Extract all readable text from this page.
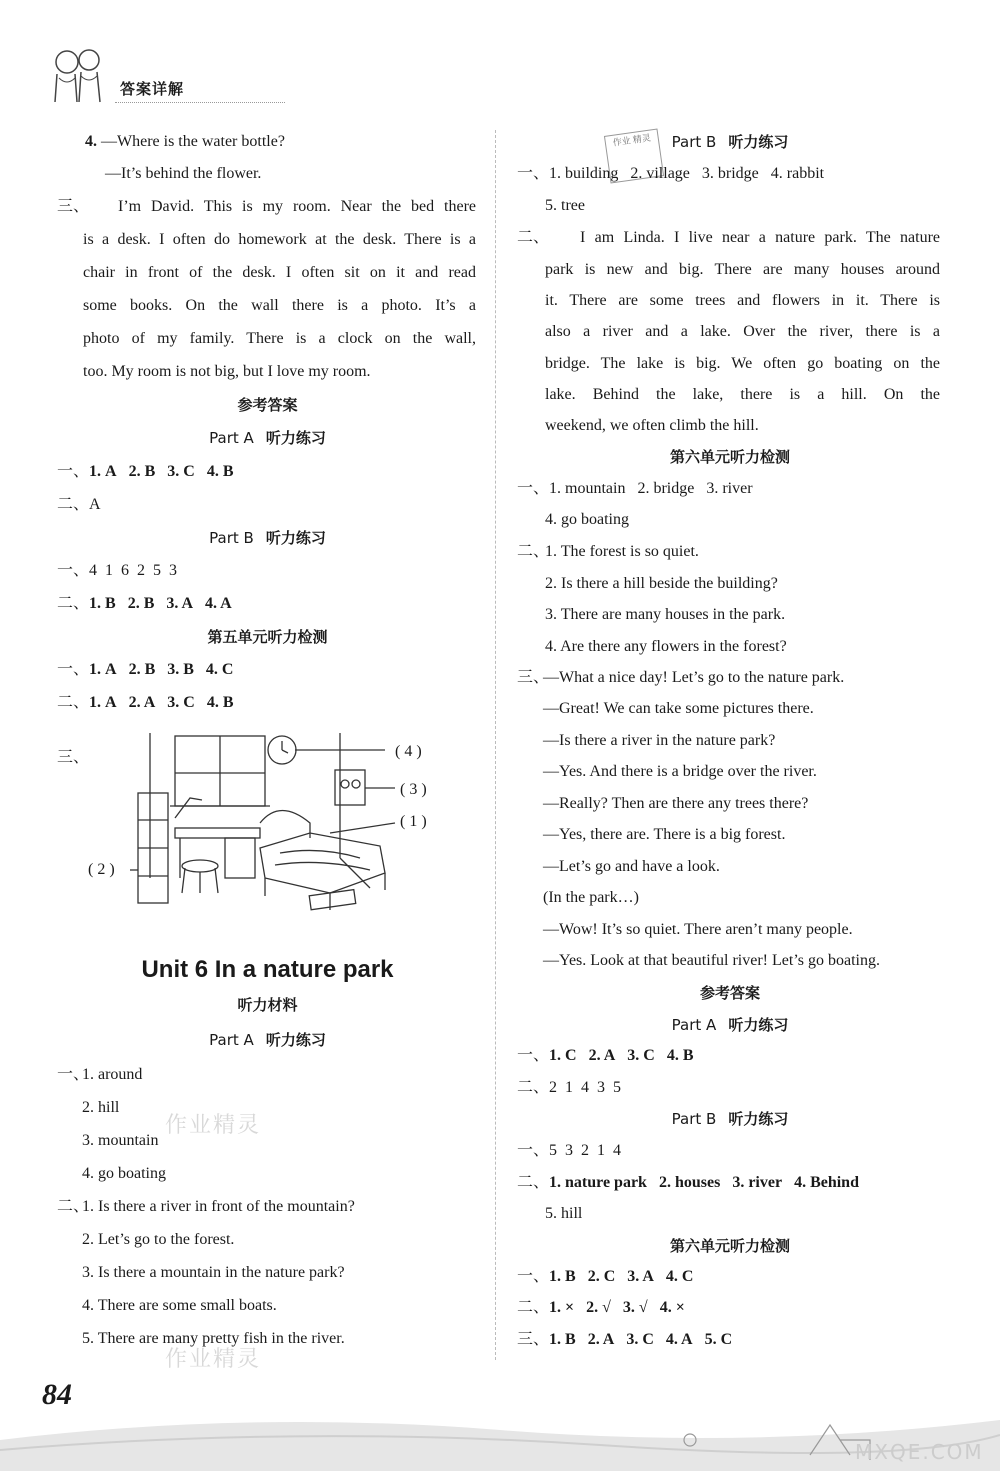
答案详解
4. —Where is the water bottle?
—It’s behind the flower.
三、 I’m David. This is my room. Near the bed there
is a desk. I often do homework at the desk. There is a
chair in front of the desk. I often sit on it and read
some books. On the wall there is a photo. It’s a
photo of my family. There is a clock on the wall,
too. My room is not big, but I love my room.
参考答案
Part A 听力练习
一、1. A 2. B 3. C 4. B
二、A
Part B 听力练习
一、4  1  6  2  5  3
二、1. B 2. B 3. A 4. A
第五单元听力检测
一、1. A 2. B 3. B 4. C
二、1. A 2. A 3. C 4. B
三、	( 4 )
( 3 )
( 1 )
( 2 )
Unit 6 In a nature park
听力材料
Part A 听力练习
一、
1. around
2. hill
3. mountain
4. go boating
二、
1. Is there a river in front of the mountain?
2. Let’s go to the forest.
3. Is there a mountain in the nature park?
4. There are some small boats.
5. There are many pretty fish in the river.
作业精灵
作业精灵
作业 精灵	Part B 听力练习
一、1. building 2. village 3. bridge 4. rabbit
5. tree
二、 I am Linda. I live near a nature park. The nature
park is new and big. There are many houses around
it. There are some trees and flowers in it. There is
also a river and a lake. Over the river, there is a
bridge. The lake is big. We often go boating on the
lake. Behind the lake, there is a hill. On the
weekend, we often climb the hill.
第六单元听力检测
一、1. mountain 2. bridge 3. river
4. go boating
二、
1. The forest is so quiet.
2. Is there a hill beside the building?
3. There are many houses in the park.
4. Are there any flowers in the forest?
三、
—What a nice day! Let’s go to the nature park.
—Great! We can take some pictures there.
—Is there a river in the nature park?
—Yes. And there is a bridge over the river.
—Really? Then are there any trees there?
—Yes, there are. There is a big forest.
—Let’s go and have a look.
(In the park…)
—Wow! It’s so quiet. There aren’t many people.
—Yes. Look at that beautiful river! Let’s go boating.
参考答案
Part A 听力练习
一、1. C 2. A 3. C 4. B
二、2  1  4  3  5
Part B 听力练习
一、5  3  2  1  4
二、1. nature park 2. houses 3. river 4. Behind
5. hill
第六单元听力检测
一、1. B 2. C 3. A 4. C
二、1. × 2. √ 3. √ 4. ×
三、1. B 2. A 3. C 4. A 5. C
84
MXQE.COM
